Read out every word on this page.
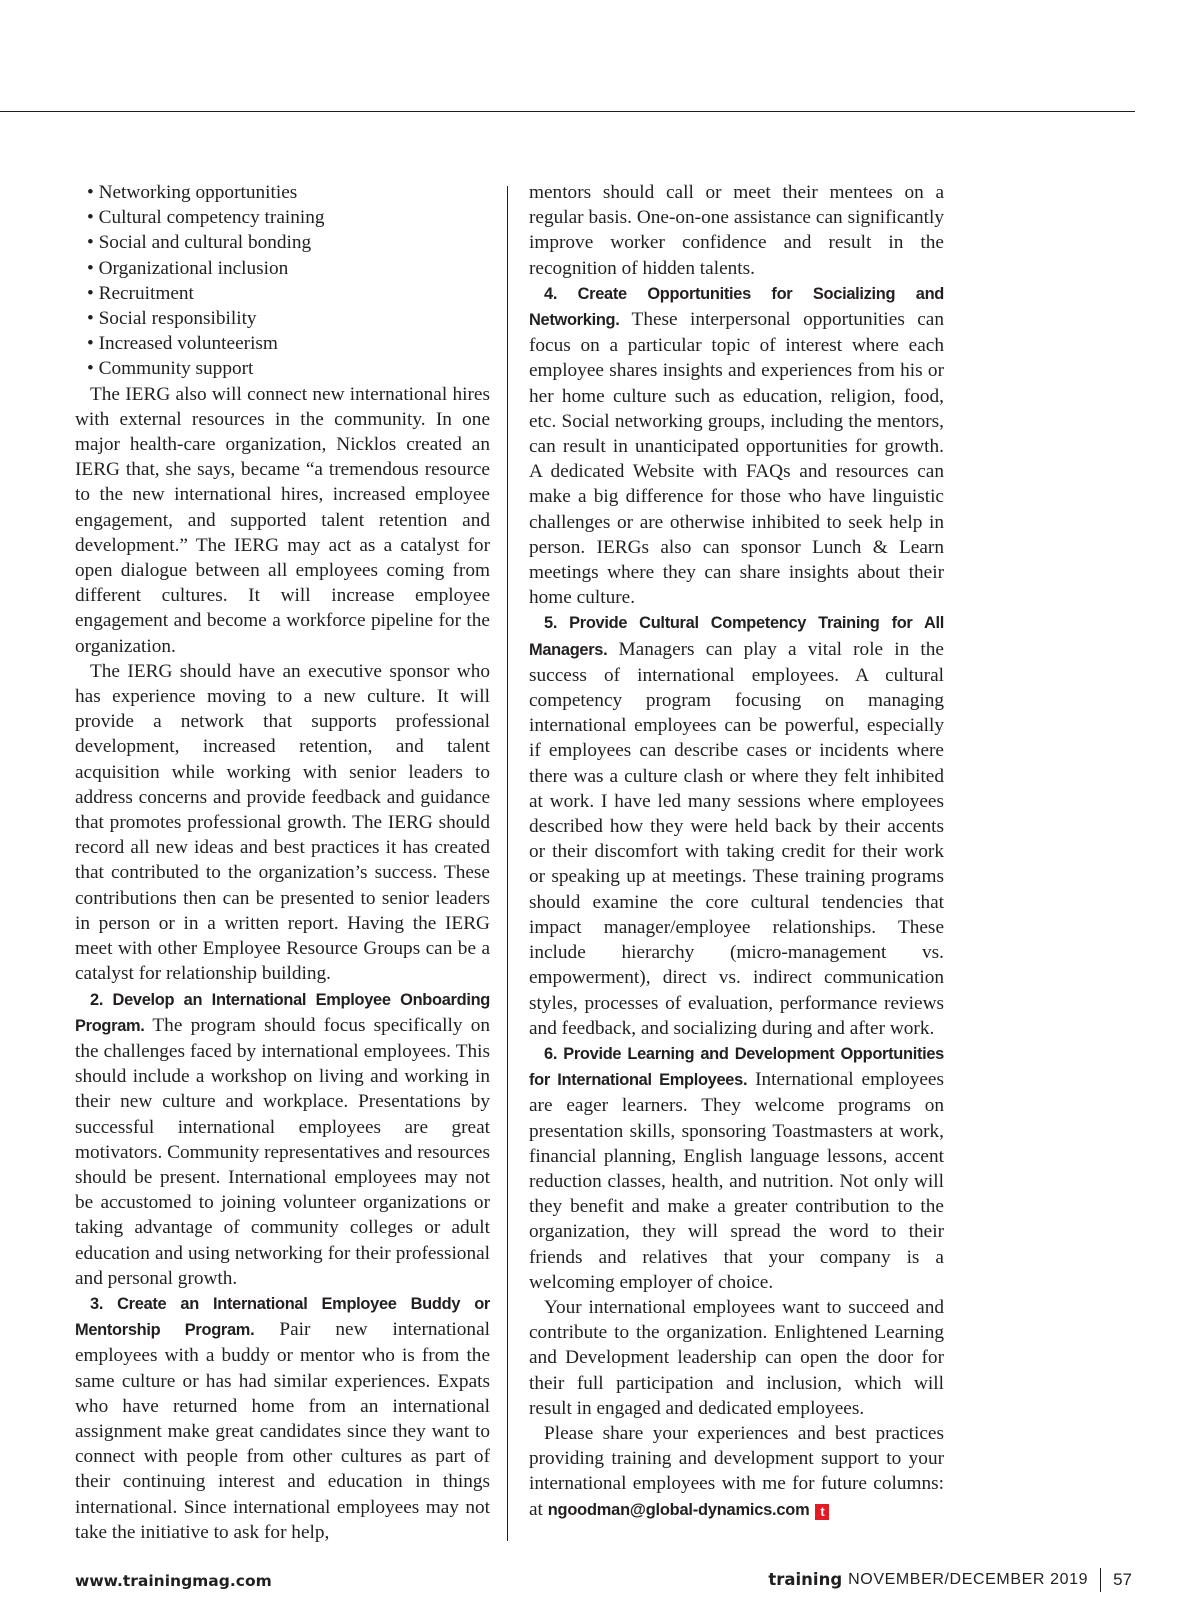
• Networking opportunities
• Cultural competency training
• Social and cultural bonding
• Organizational inclusion
• Recruitment
• Social responsibility
• Increased volunteerism
• Community support

The IERG also will connect new international hires with external resources in the community. In one major health-care organization, Nicklos created an IERG that, she says, became “a tremendous resource to the new international hires, increased employee engagement, and supported talent retention and development.” The IERG may act as a catalyst for open dialogue between all employees coming from different cultures. It will increase employee engagement and become a workforce pipeline for the organization.

The IERG should have an executive sponsor who has experience moving to a new culture. It will provide a network that supports professional development, increased retention, and talent acquisition while working with senior leaders to address concerns and provide feedback and guidance that promotes professional growth. The IERG should record all new ideas and best practices it has created that contributed to the organization’s success. These contributions then can be presented to senior leaders in person or in a written report. Having the IERG meet with other Employee Resource Groups can be a catalyst for relationship building.

2. Develop an International Employee Onboarding Program. The program should focus specifically on the challenges faced by international employees. This should include a workshop on living and working in their new culture and workplace. Presentations by successful international employees are great motivators. Community representatives and resources should be present. International employees may not be accustomed to joining volunteer organizations or taking advantage of community colleges or adult education and using networking for their professional and personal growth.

3. Create an International Employee Buddy or Mentorship Program. Pair new international employees with a buddy or mentor who is from the same culture or has had similar experiences. Expats who have returned home from an international assignment make great candidates since they want to connect with people from other cultures as part of their continuing interest and education in things international. Since international employees may not take the initiative to ask for help,

mentors should call or meet their mentees on a regular basis. One-on-one assistance can significantly improve worker confidence and result in the recognition of hidden talents.

4. Create Opportunities for Socializing and Networking. These interpersonal opportunities can focus on a particular topic of interest where each employee shares insights and experiences from his or her home culture such as education, religion, food, etc. Social networking groups, including the mentors, can result in unanticipated opportunities for growth. A dedicated Website with FAQs and resources can make a big difference for those who have linguistic challenges or are otherwise inhibited to seek help in person. IERGs also can sponsor Lunch & Learn meetings where they can share insights about their home culture.

5. Provide Cultural Competency Training for All Managers. Managers can play a vital role in the success of international employees. A cultural competency program focusing on managing international employees can be powerful, especially if employees can describe cases or incidents where there was a culture clash or where they felt inhibited at work. I have led many sessions where employees described how they were held back by their accents or their discomfort with taking credit for their work or speaking up at meetings. These training programs should examine the core cultural tendencies that impact manager/employee relationships. These include hierarchy (micro-management vs. empowerment), direct vs. indirect communication styles, processes of evaluation, performance reviews and feedback, and socializing during and after work.

6. Provide Learning and Development Opportunities for International Employees. International employees are eager learners. They welcome programs on presentation skills, sponsoring Toastmasters at work, financial planning, English language lessons, accent reduction classes, health, and nutrition. Not only will they benefit and make a greater contribution to the organization, they will spread the word to their friends and relatives that your company is a welcoming employer of choice.

Your international employees want to succeed and contribute to the organization. Enlightened Learning and Development leadership can open the door for their full participation and inclusion, which will result in engaged and dedicated employees.

Please share your experiences and best practices providing training and development support to your international employees with me for future columns: at ngoodman@global-dynamics.com t

www.trainingmag.com	training NOVEMBER/DECEMBER 2019 57
